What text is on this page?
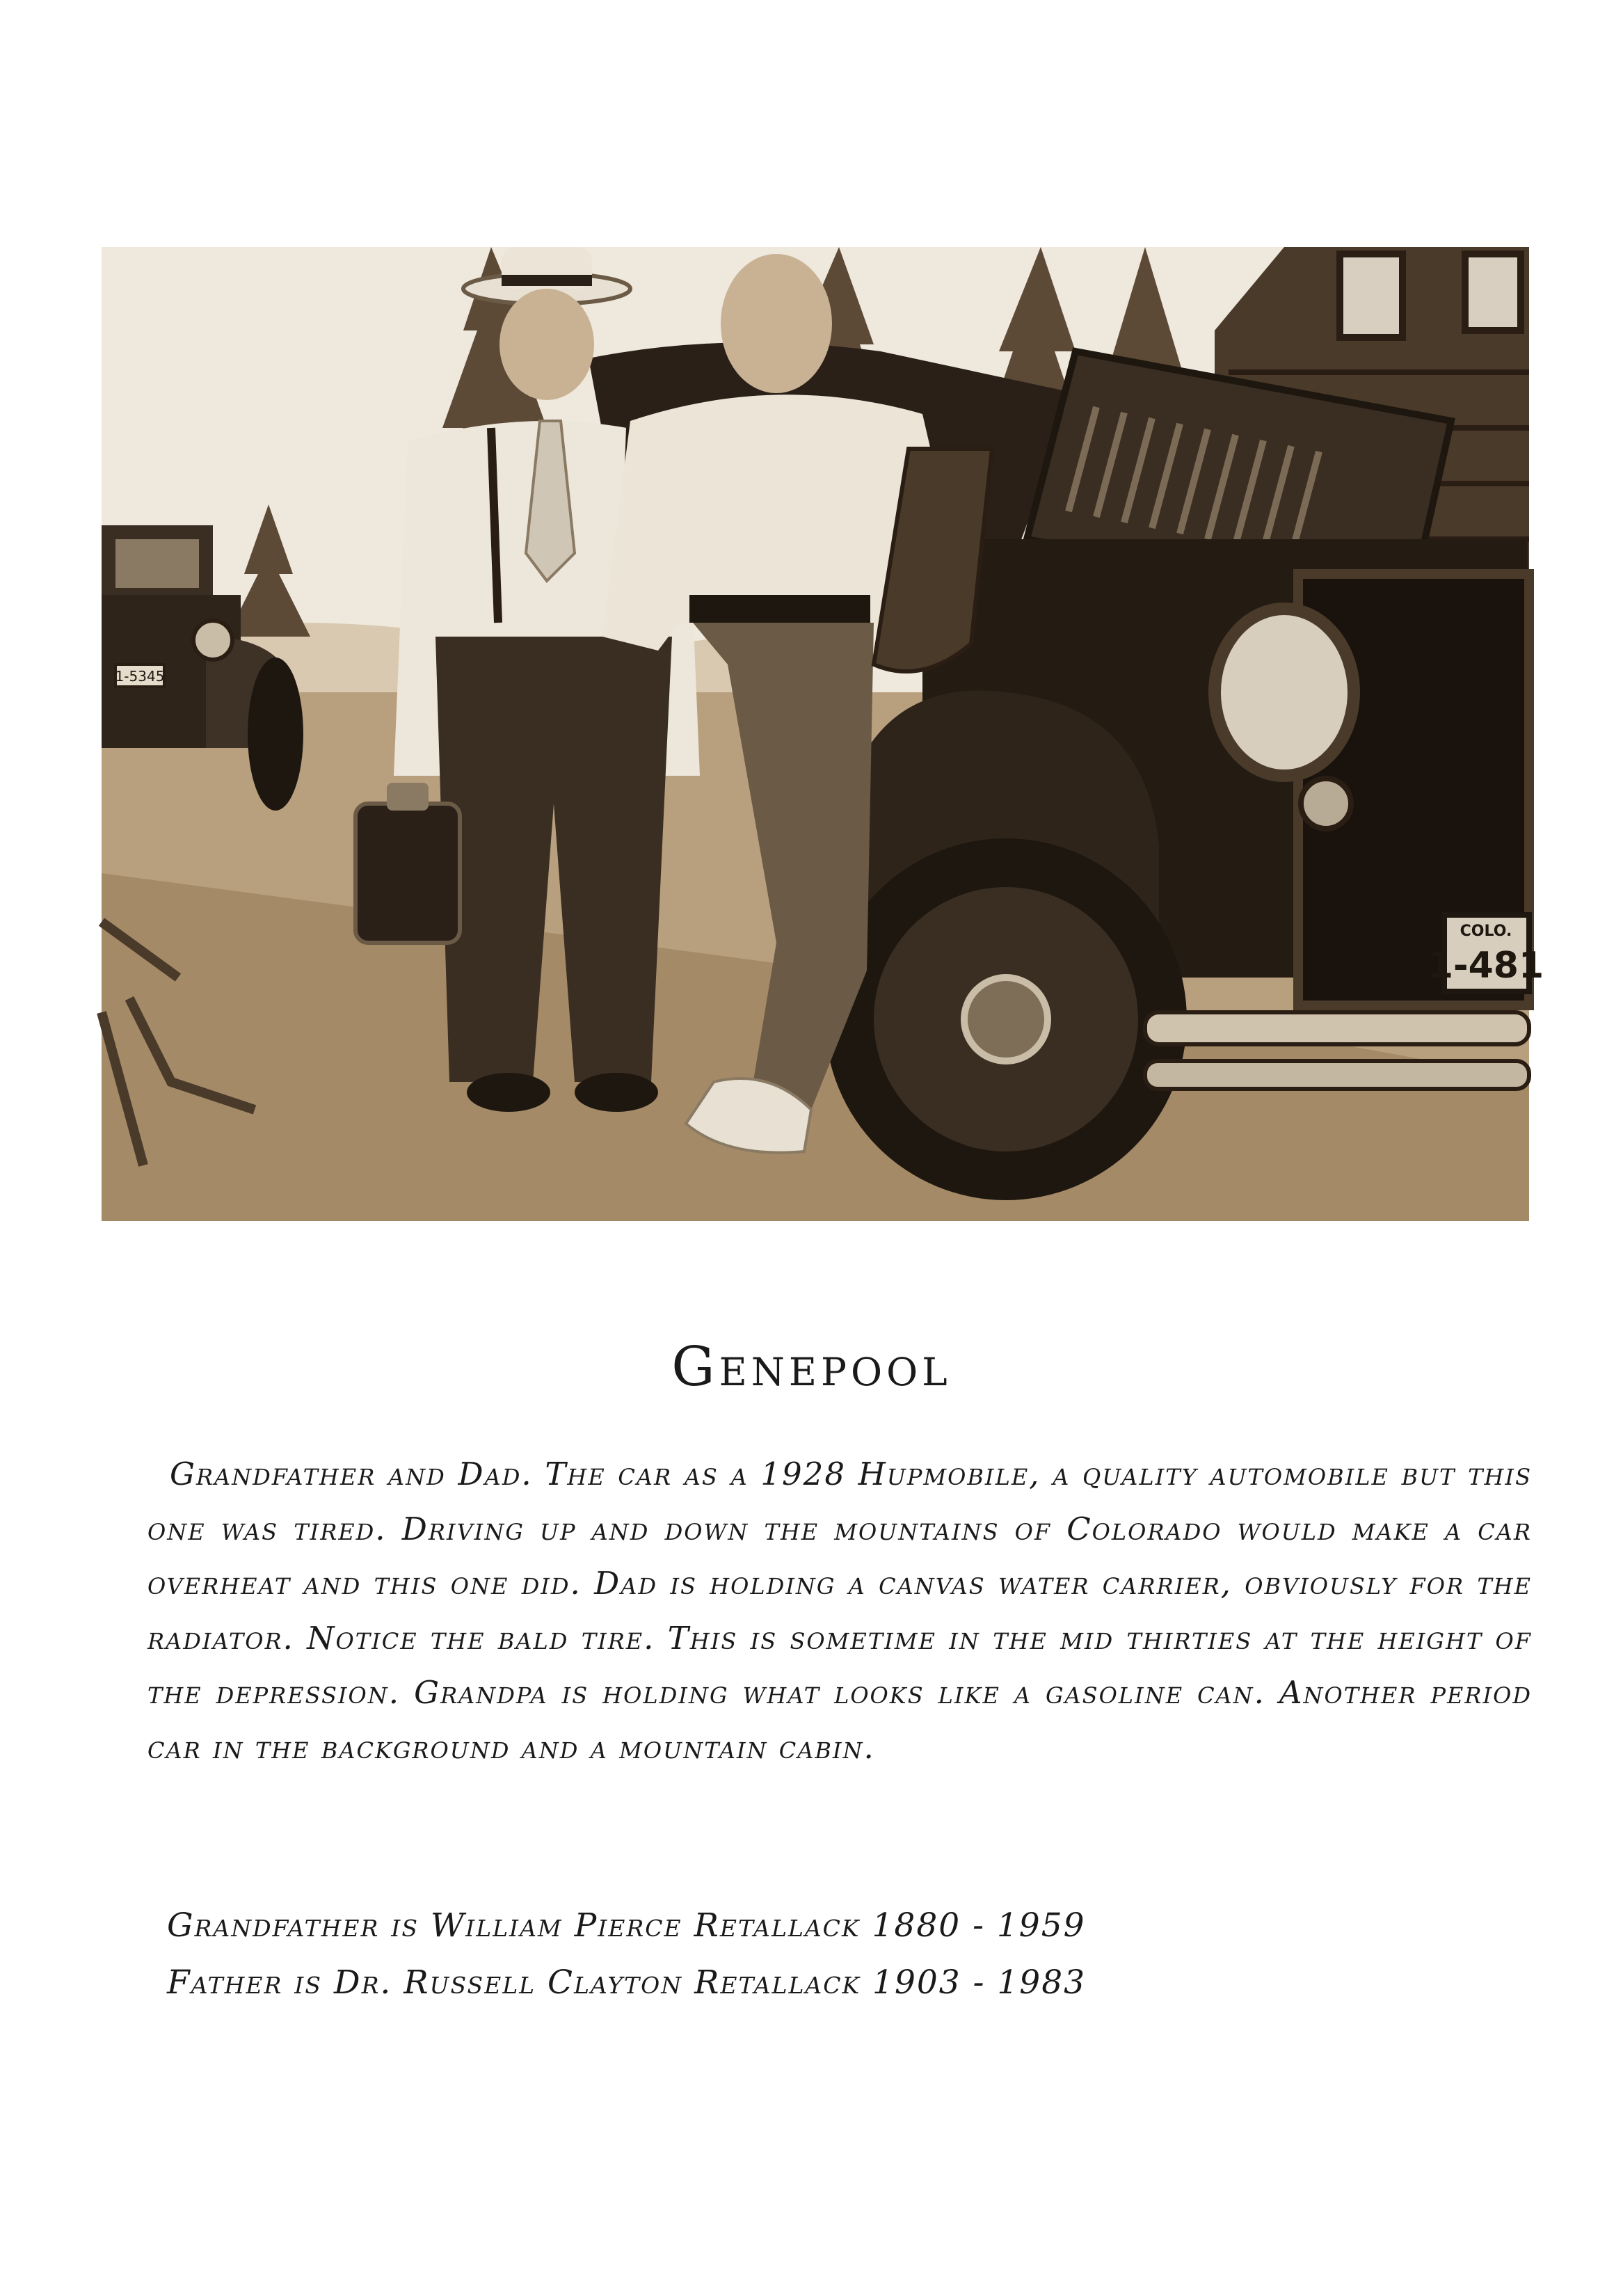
1-5345
COLO.
1-481
Genepool

Grandfather and Dad. The car as a 1928 Hupmobile, a quality automobile but this one was tired. Driving up and down the mountains of Colorado would make a car overheat and this one did. Dad is holding a canvas water carrier, obviously for the radiator. Notice the bald tire. This is sometime in the mid thirties at the height of the depression. Grandpa is holding what looks like a gasoline can. Another period car in the background and a mountain cabin.

Grandfather is William Pierce Retallack 1880 - 1959

Father is Dr. Russell Clayton Retallack 1903 - 1983
